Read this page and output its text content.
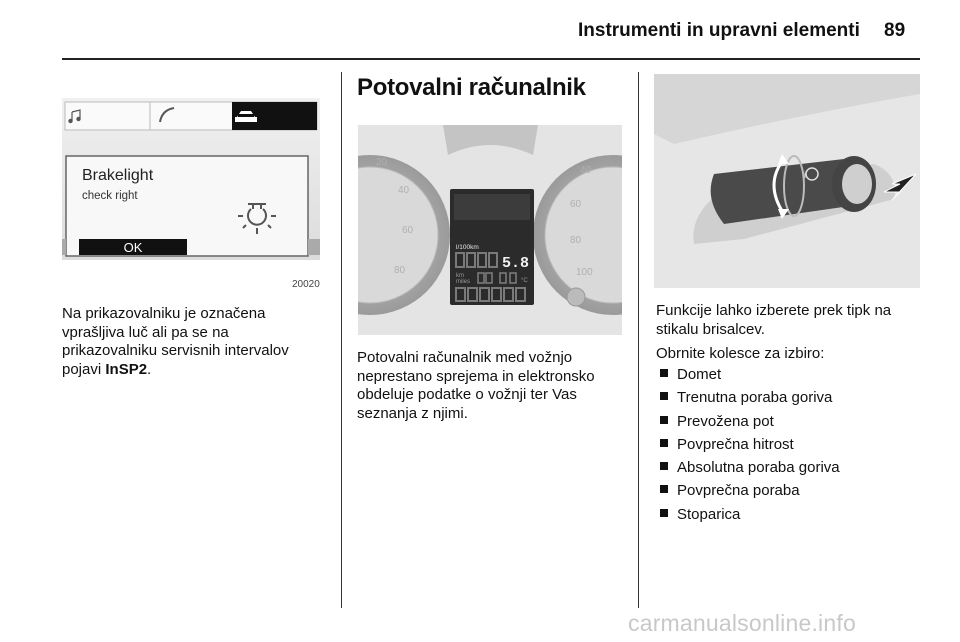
Instrumenti in upravni elementi 89
Brakelight
check right
OK
20020
Na prikazovalniku je označena
vprašljiva luč ali pa se na
prikazovalniku servisnih intervalov
pojavi InSP2.
Potovalni računalnik
20
40
60
80
40
60
80
100
l/100km
5.8
km
miles	°C
Potovalni računalnik med vožnjo
neprestano sprejema in elektronsko
obdeluje podatke o vožnji ter Vas
seznanja z njimi.
i
Funkcije lahko izberete prek tipk na
stikalu brisalcev.
Obrnite kolesce za izbiro:
Domet
Trenutna poraba goriva
Prevožena pot
Povprečna hitrost
Absolutna poraba goriva
Povprečna poraba
Stoparica
carmanualsonline.info
